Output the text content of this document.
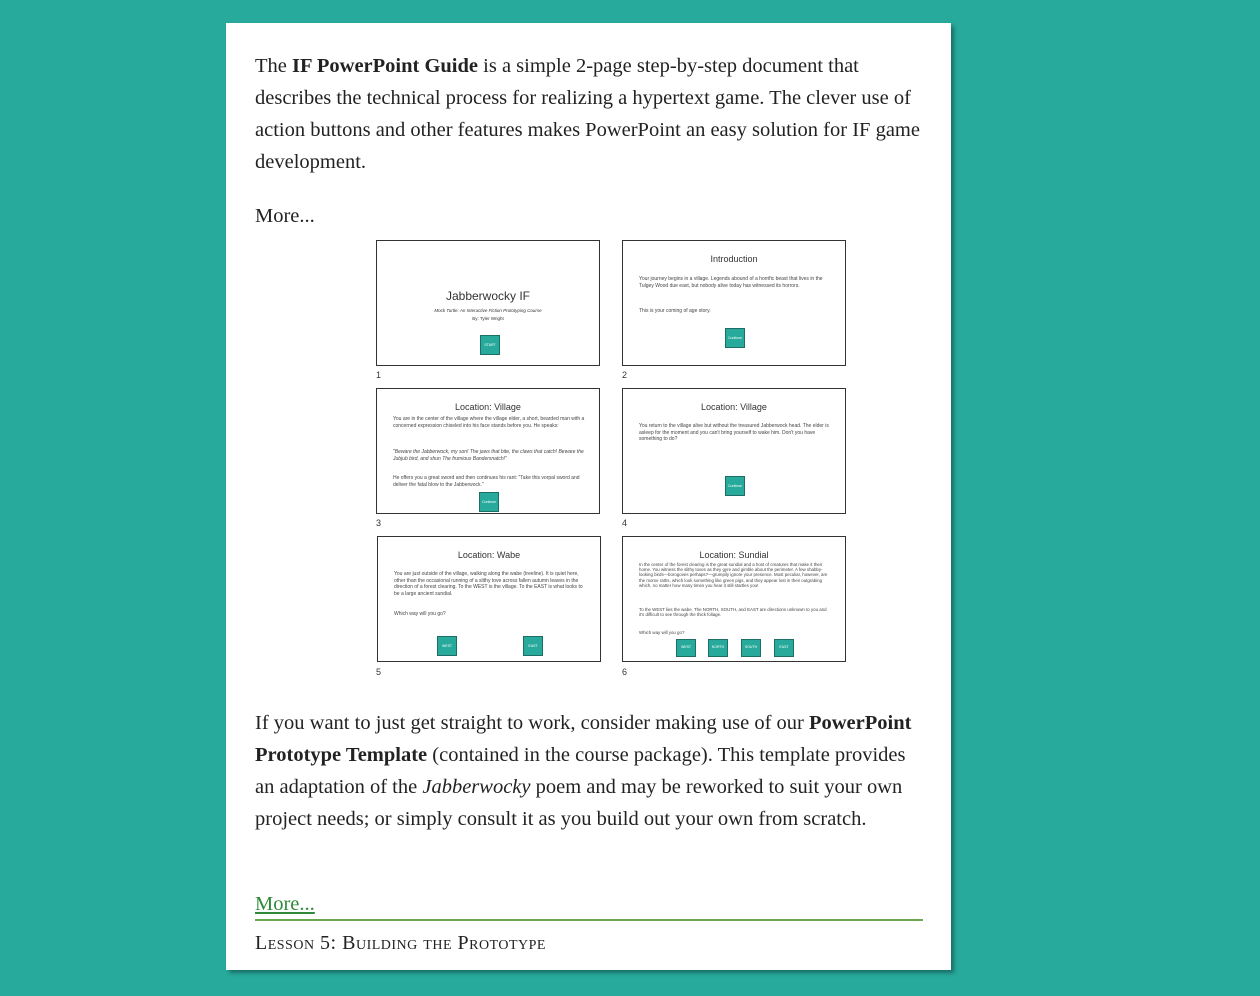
The IF PowerPoint Guide is a simple 2-page step-by-step document that describes the technical process for realizing a hypertext game. The clever use of action buttons and other features makes PowerPoint an easy solution for IF game development.

More...
Jabberwocky IF
Mock Turtle: An Interactive Fiction Prototyping Course
By: Tyler Wright
START
1
Introduction
Your journey begins in a village. Legends abound of a horrific beast that lives in the Tulgey Wood due east, but nobody alive today has witnessed its horrors.
This is your coming of age story.
Continue
2
Location: Village
You are in the center of the village where the village elder, a short, bearded man with a concerned expression chiseled into his face stands before you. He speaks:
"Beware the Jabberwock, my son! The jaws that bite, the claws that catch! Beware the Jubjub bird, and shun The frumious Bandersnatch!"
He offers you a great sword and then continues his rant: "Take this vorpal sword and deliver the fatal blow to the Jabberwock."
Continue
3
Location: Village
You return to the village alive but without the treasured Jabberwock head. The elder is asleep for the moment and you can't bring yourself to wake him. Don't you have something to do?
Continue
4
Location: Wabe
You are just outside of the village, walking along the wabe (treeline). It is quiet here, other than the occasional running of a slithy tove across fallen autumn leaves in the direction of a forest clearing. To the WEST is the village. To the EAST is what looks to be a large ancient sundial.
Which way will you go?
WEST	EAST
5
Location: Sundial
In the center of the forest clearing is the great sundial and a host of creatures that make it their home. You witness the slithy toves as they gyre and gimble about the perimeter. A few shabby-looking birds—borogoves perhaps?—grumpily ignore your presence. Most peculiar, however, are the mome raths, which look something like green pigs, and they appear lost in their outgrabing which, no matter how many times you hear it still startles you!
To the WEST lies the wabe. The NORTH, SOUTH, and EAST are directions unknown to you and it's difficult to see through the thick foliage.
Which way will you go?
WEST	NORTH	SOUTH	EAST
6

If you want to just get straight to work, consider making use of our PowerPoint Prototype Template (contained in the course package). This template provides an adaptation of the Jabberwocky poem and may be reworked to suit your own project needs; or simply consult it as you build out your own from scratch.

More...
Lesson 5: Building the Prototype
